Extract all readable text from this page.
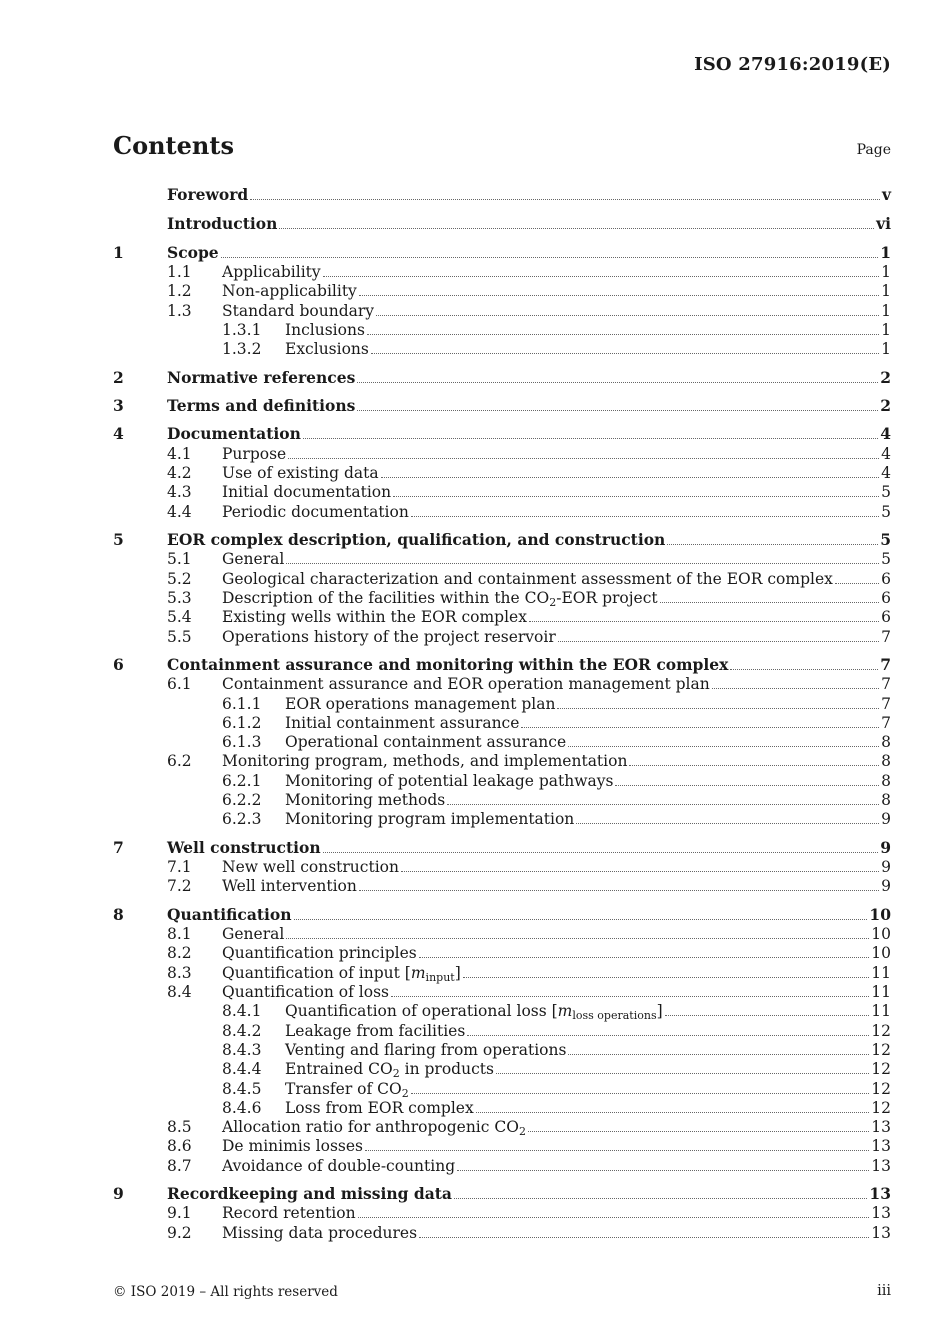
ISO 27916:2019(E)
Contents	Page
Foreword	v
Introduction	vi
1	Scope	1
1.1	Applicability	1
1.2	Non-applicability	1
1.3	Standard boundary	1
1.3.1	Inclusions	1
1.3.2	Exclusions	1
2	Normative references	2
3	Terms and definitions	2
4	Documentation	4
4.1	Purpose	4
4.2	Use of existing data	4
4.3	Initial documentation	5
4.4	Periodic documentation	5
5	EOR complex description, qualification, and construction	5
5.1	General	5
5.2	Geological characterization and containment assessment of the EOR complex	6
5.3	Description of the facilities within the $CO_2$-EOR project	6
5.4	Existing wells within the EOR complex	6
5.5	Operations history of the project reservoir	7
6	Containment assurance and monitoring within the EOR complex	7
6.1	Containment assurance and EOR operation management plan	7
6.1.1	EOR operations management plan	7
6.1.2	Initial containment assurance	7
6.1.3	Operational containment assurance	8
6.2	Monitoring program, methods, and implementation	8
6.2.1	Monitoring of potential leakage pathways	8
6.2.2	Monitoring methods	8
6.2.3	Monitoring program implementation	9
7	Well construction	9
7.1	New well construction	9
7.2	Well intervention	9
8	Quantification	10
8.1	General	10
8.2	Quantification principles	10
8.3	Quantification of input $[m_{input}]$	11
8.4	Quantification of loss	11
8.4.1	Quantification of operational loss $[m_{loss operations}]$	11
8.4.2	Leakage from facilities	12
8.4.3	Venting and flaring from operations	12
8.4.4	Entrained $CO_2$ in products	12
8.4.5	Transfer of $CO_2$	12
8.4.6	Loss from EOR complex	12
8.5	Allocation ratio for anthropogenic $CO_2$	13
8.6	De minimis losses	13
8.7	Avoidance of double-counting	13
9	Recordkeeping and missing data	13
9.1	Record retention	13
9.2	Missing data procedures	13
© ISO 2019 – All rights reserved	iii
